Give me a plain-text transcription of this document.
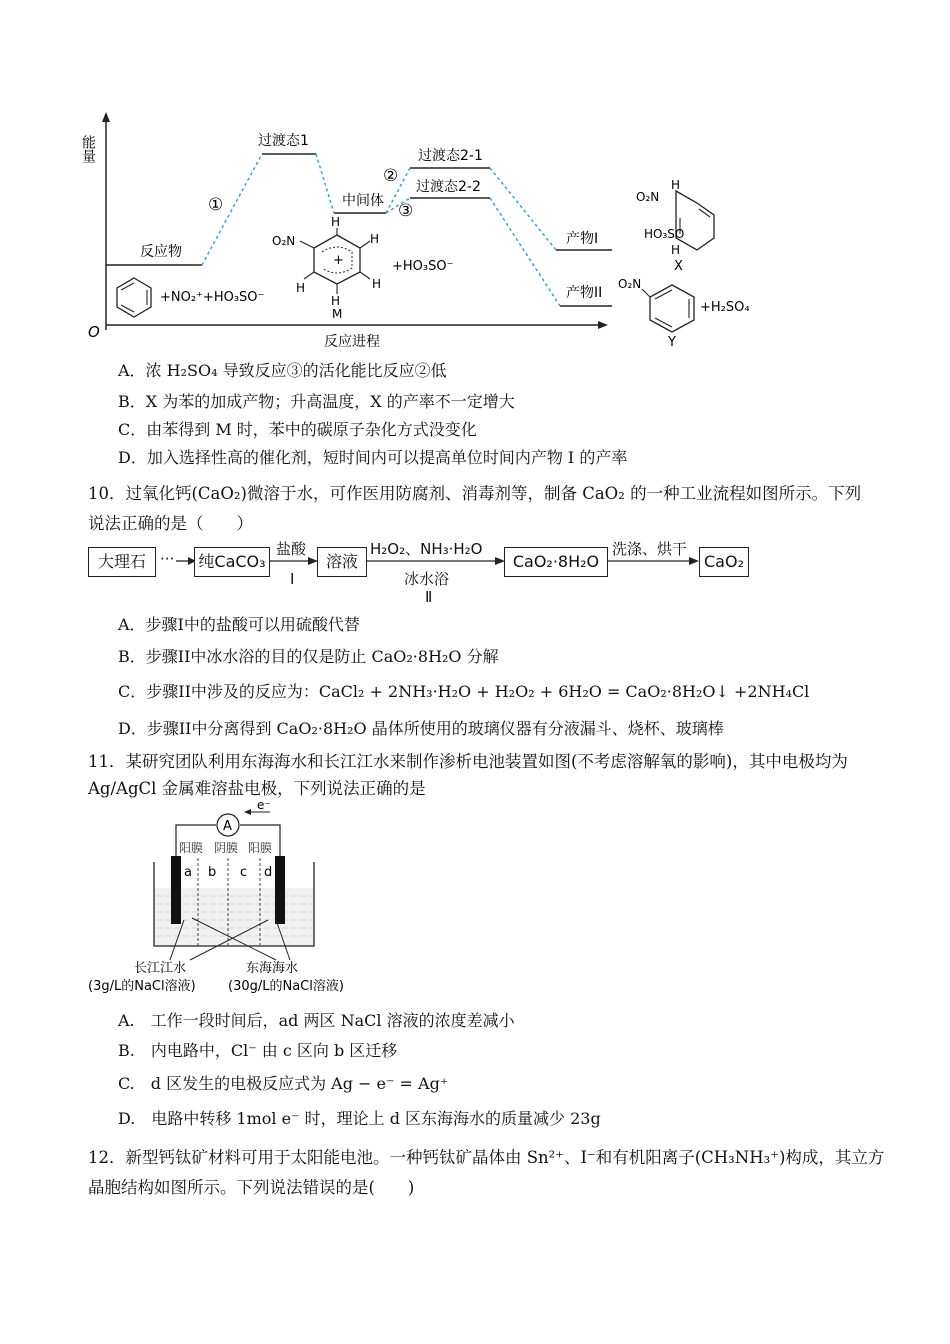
能量
O
反应进程
反应物
过渡态1
中间体
过渡态2-1
过渡态2-2
产物I
产物II
①
②
③
+NO₂⁺+HO₃SO⁻
H
O₂N	H
H
H
H
+
M
+HO₃SO⁻
H
O₂N
HO₃SO
H
X
O₂N
+H₂SO₄
Y
A．浓 H₂SO₄ 导致反应③的活化能比反应②低
B．X 为苯的加成产物；升高温度，X 的产率不一定增大
C．由苯得到 M 时，苯中的碳原子杂化方式没变化
D．加入选择性高的催化剂，短时间内可以提高单位时间内产物 I 的产率
10．过氧化钙(CaO₂)微溶于水，可作医用防腐剂、消毒剂等，制备 CaO₂ 的一种工业流程如图所示。下列
说法正确的是（　　）
大理石 ··· 纯CaCO₃
盐酸
I
溶液
H₂O₂、NH₃·H₂O
冰水浴
Ⅱ
CaO₂·8H₂O
洗涤、烘干
CaO₂
A．步骤I中的盐酸可以用硫酸代替
B．步骤II中冰水浴的目的仅是防止 CaO₂·8H₂O 分解
C．步骤II中涉及的反应为：CaCl₂ + 2NH₃·H₂O + H₂O₂ + 6H₂O = CaO₂·8H₂O↓ +2NH₄Cl
D．步骤II中分离得到 CaO₂·8H₂O 晶体所使用的玻璃仪器有分液漏斗、烧杯、玻璃棒
11．某研究团队利用东海海水和长江江水来制作渗析电池装置如图(不考虑溶解氧的影响)，其中电极均为
Ag/AgCl 金属难溶盐电极，下列说法正确的是
A
e⁻
阳膜 阴膜 阳膜
a b c d
长江江水
(3g/L的NaCl溶液)
东海海水
(30g/L的NaCl溶液)
A.　工作一段时间后，ad 两区 NaCl 溶液的浓度差减小
B.　内电路中，Cl⁻ 由 c 区向 b 区迁移
C.　d 区发生的电极反应式为 Ag − e⁻ = Ag⁺
D.　电路中转移 1mol e⁻ 时，理论上 d 区东海海水的质量减少 23g
12．新型钙钛矿材料可用于太阳能电池。一种钙钛矿晶体由 Sn²⁺、I⁻和有机阳离子(CH₃NH₃⁺)构成，其立方
晶胞结构如图所示。下列说法错误的是(　　)
